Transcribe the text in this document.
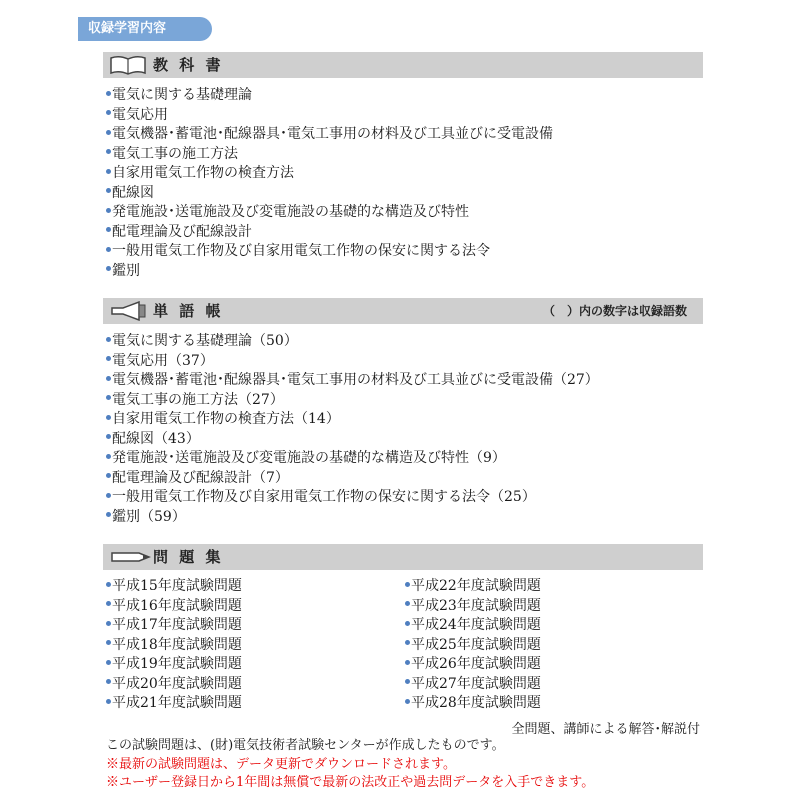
収録学習内容
教 科 書
電気に関する基礎理論
電気応用
電気機器･蓄電池･配線器具･電気工事用の材料及び工具並びに受電設備
電気工事の施工方法
自家用電気工作物の検査方法
配線図
発電施設･送電施設及び変電施設の基礎的な構造及び特性
配電理論及び配線設計
一般用電気工作物及び自家用電気工作物の保安に関する法令
鑑別
単 語 帳	（　）内の数字は収録語数
電気に関する基礎理論（50）
電気応用（37）
電気機器･蓄電池･配線器具･電気工事用の材料及び工具並びに受電設備（27）
電気工事の施工方法（27）
自家用電気工作物の検査方法（14）
配線図（43）
発電施設･送電施設及び変電施設の基礎的な構造及び特性（9）
配電理論及び配線設計（7）
一般用電気工作物及び自家用電気工作物の保安に関する法令（25）
鑑別（59）
問 題 集
平成15年度試験問題
平成16年度試験問題
平成17年度試験問題
平成18年度試験問題
平成19年度試験問題
平成20年度試験問題
平成21年度試験問題
平成22年度試験問題
平成23年度試験問題
平成24年度試験問題
平成25年度試験問題
平成26年度試験問題
平成27年度試験問題
平成28年度試験問題
全問題、講師による解答･解説付
この試験問題は、(財)電気技術者試験センターが作成したものです。
※最新の試験問題は、データ更新でダウンロードされます。
※ユーザー登録日から1年間は無償で最新の法改正や過去問データを入手できます。
